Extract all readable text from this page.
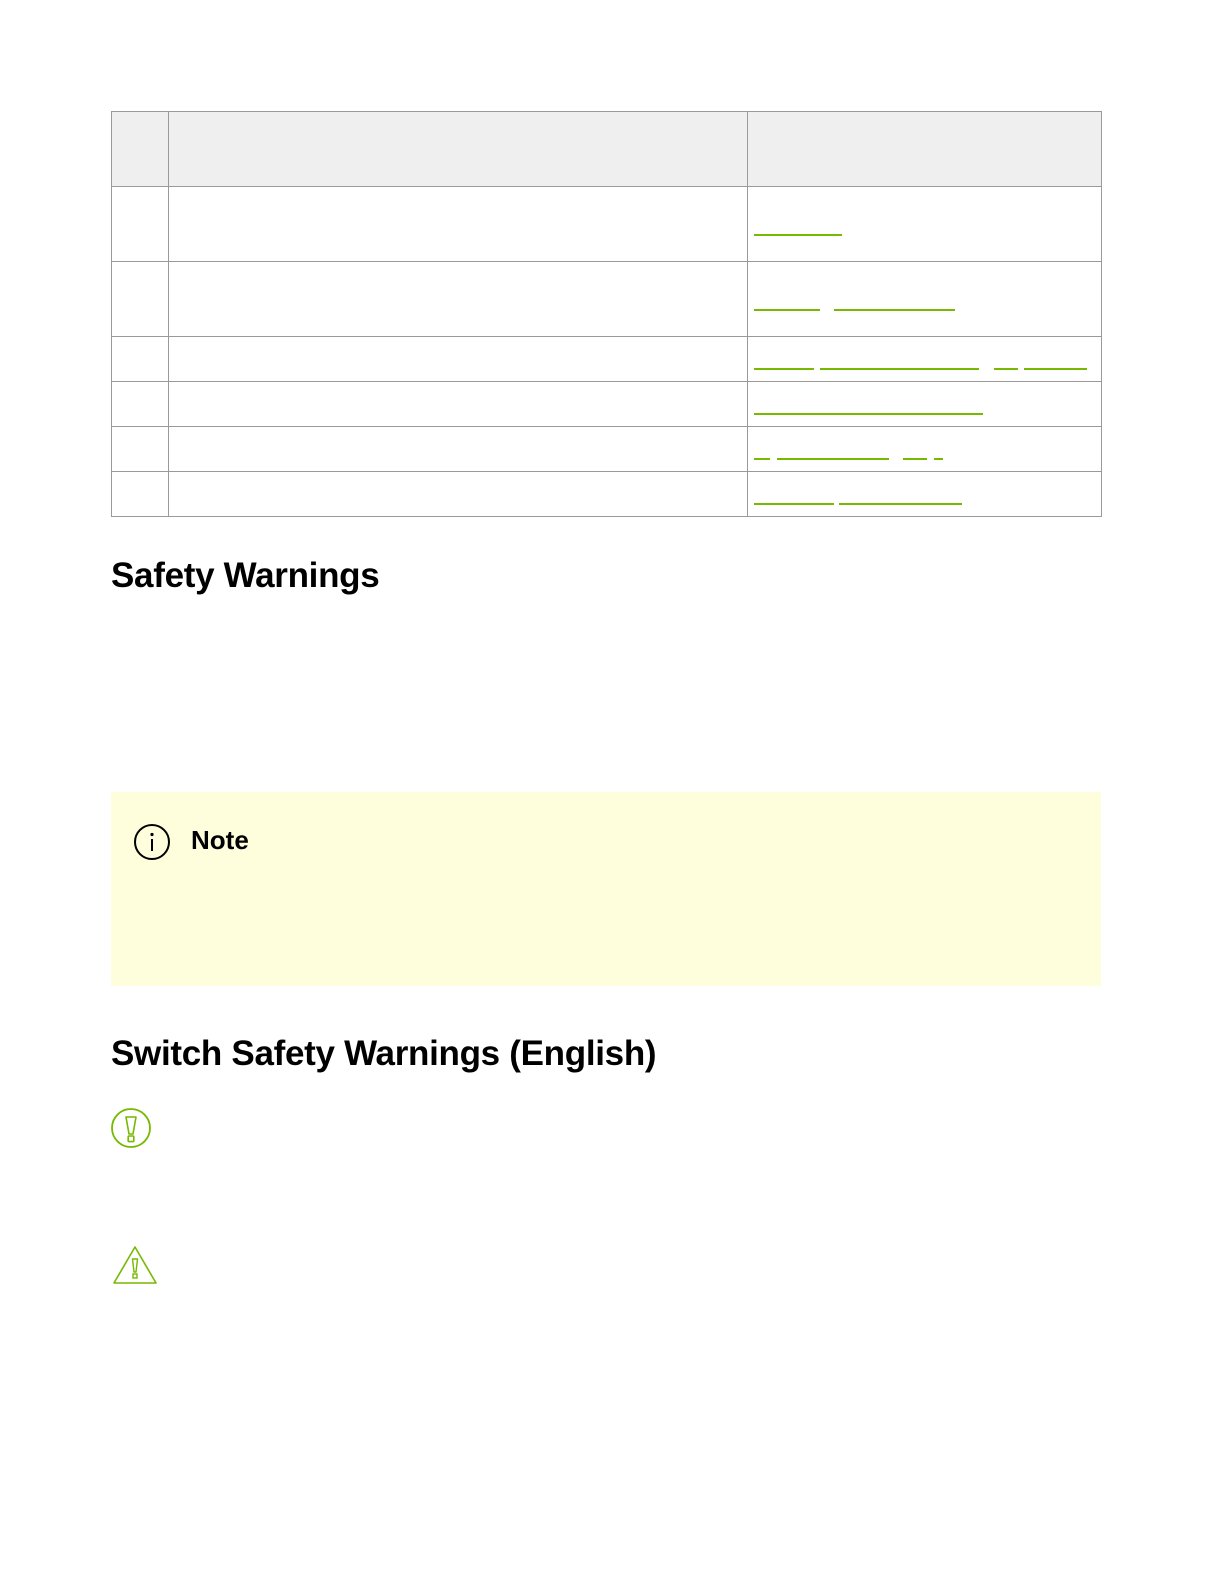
Safety Warnings
Note
Switch Safety Warnings (English)
